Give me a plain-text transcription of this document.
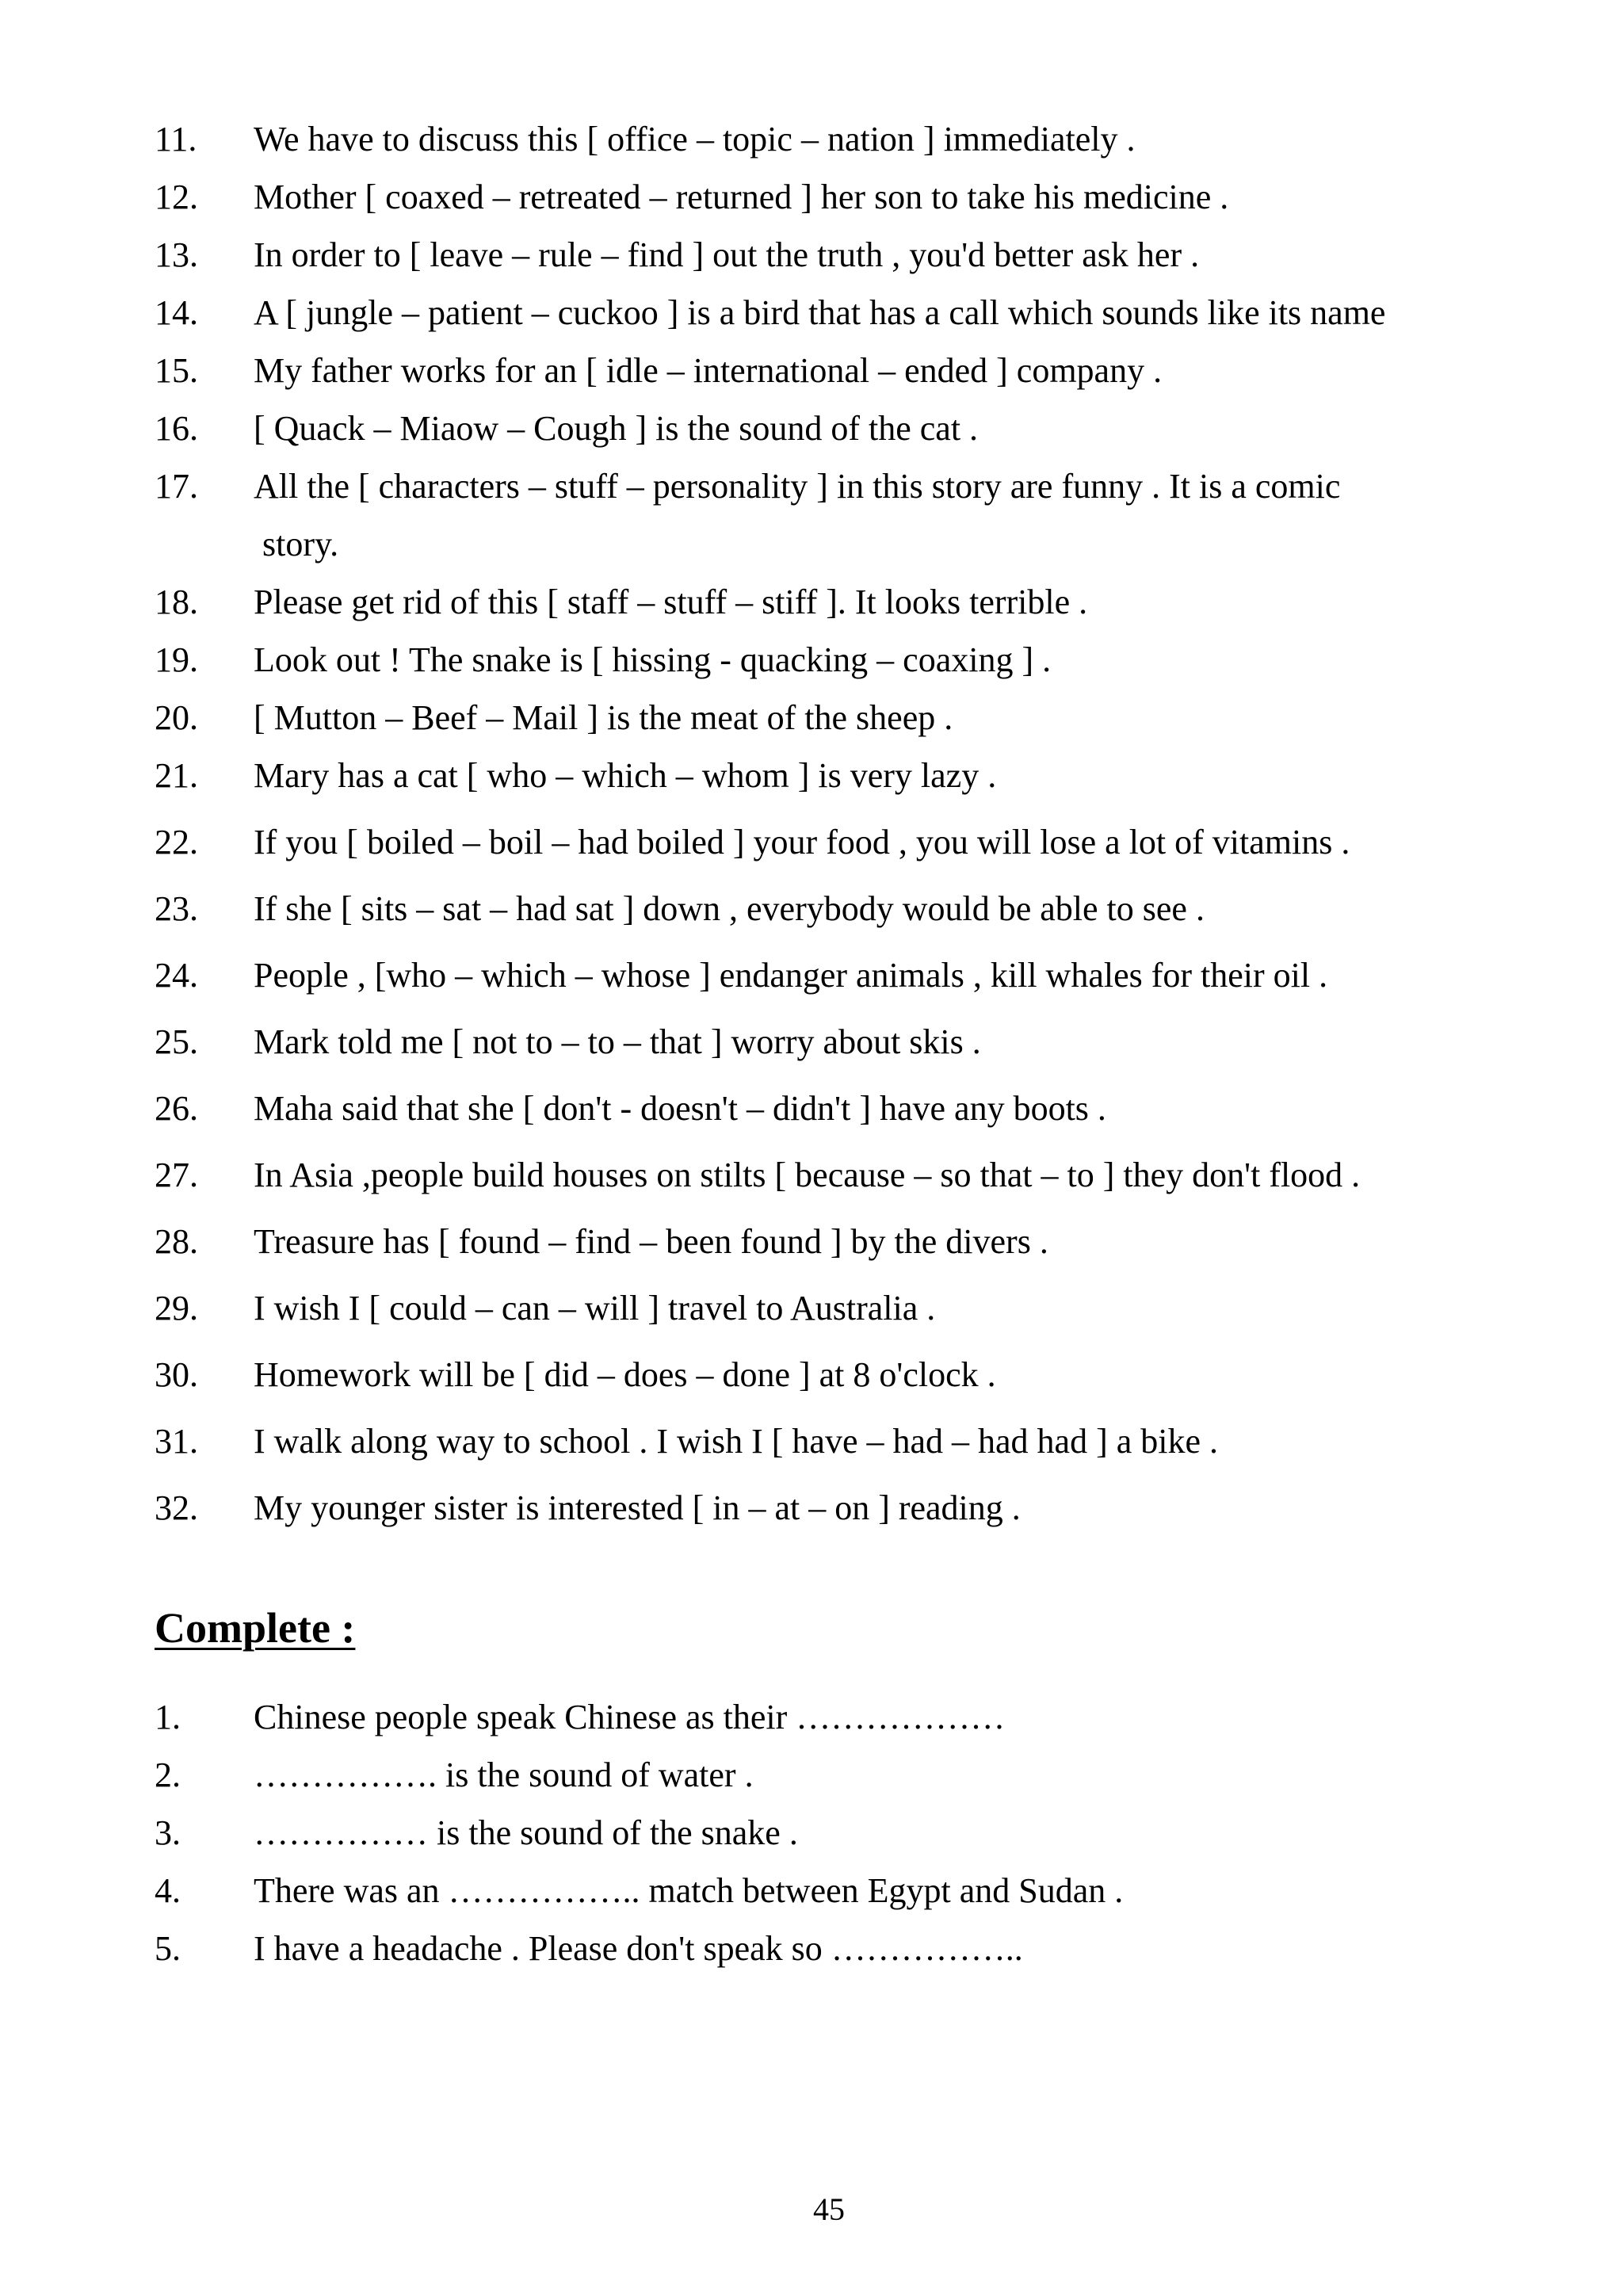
11. We have to discuss this [ office – topic – nation ] immediately .
12. Mother [ coaxed – retreated – returned ] her son to take his medicine .
13. In order to [ leave – rule – find ] out the truth , you'd better ask her .
14. A [ jungle – patient – cuckoo ] is a bird that has a call which sounds like its name
15. My father works for an [ idle – international – ended ] company .
16. [ Quack – Miaow – Cough ] is the sound of the cat .
17. All the [ characters – stuff – personality ] in this story are funny . It is a comic
story.
18. Please get rid of this [ staff – stuff – stiff ]. It looks terrible .
19. Look out ! The snake is [ hissing - quacking – coaxing ] .
20. [ Mutton – Beef – Mail ] is the meat of the sheep .
21. Mary has a cat [ who – which – whom ] is very lazy .
22. If you [ boiled – boil – had boiled ] your food , you will lose a lot of vitamins .
23. If she [ sits – sat – had sat ] down , everybody would be able to see .
24. People , [who – which – whose ] endanger animals , kill whales for their oil .
25. Mark told me [ not to – to – that ] worry about skis .
26. Maha said that she [ don't - doesn't – didn't ] have any boots .
27. In Asia ,people build houses on stilts [ because – so that – to ] they don't flood .
28. Treasure has [ found – find – been found ] by the divers .
29. I wish I [ could – can – will ] travel to Australia .
30. Homework will be [ did – does – done ] at 8 o'clock .
31. I walk along way to school . I wish I [ have – had – had had ] a bike .
32. My younger sister is interested [ in – at – on ] reading .
Complete :
1. Chinese people speak Chinese as their ………………
2. ……………. is the sound of water .
3. …………… is the sound of the snake .
4. There was an …………….. match between Egypt and Sudan .
5. I have a headache . Please don't speak so ……………..
45
